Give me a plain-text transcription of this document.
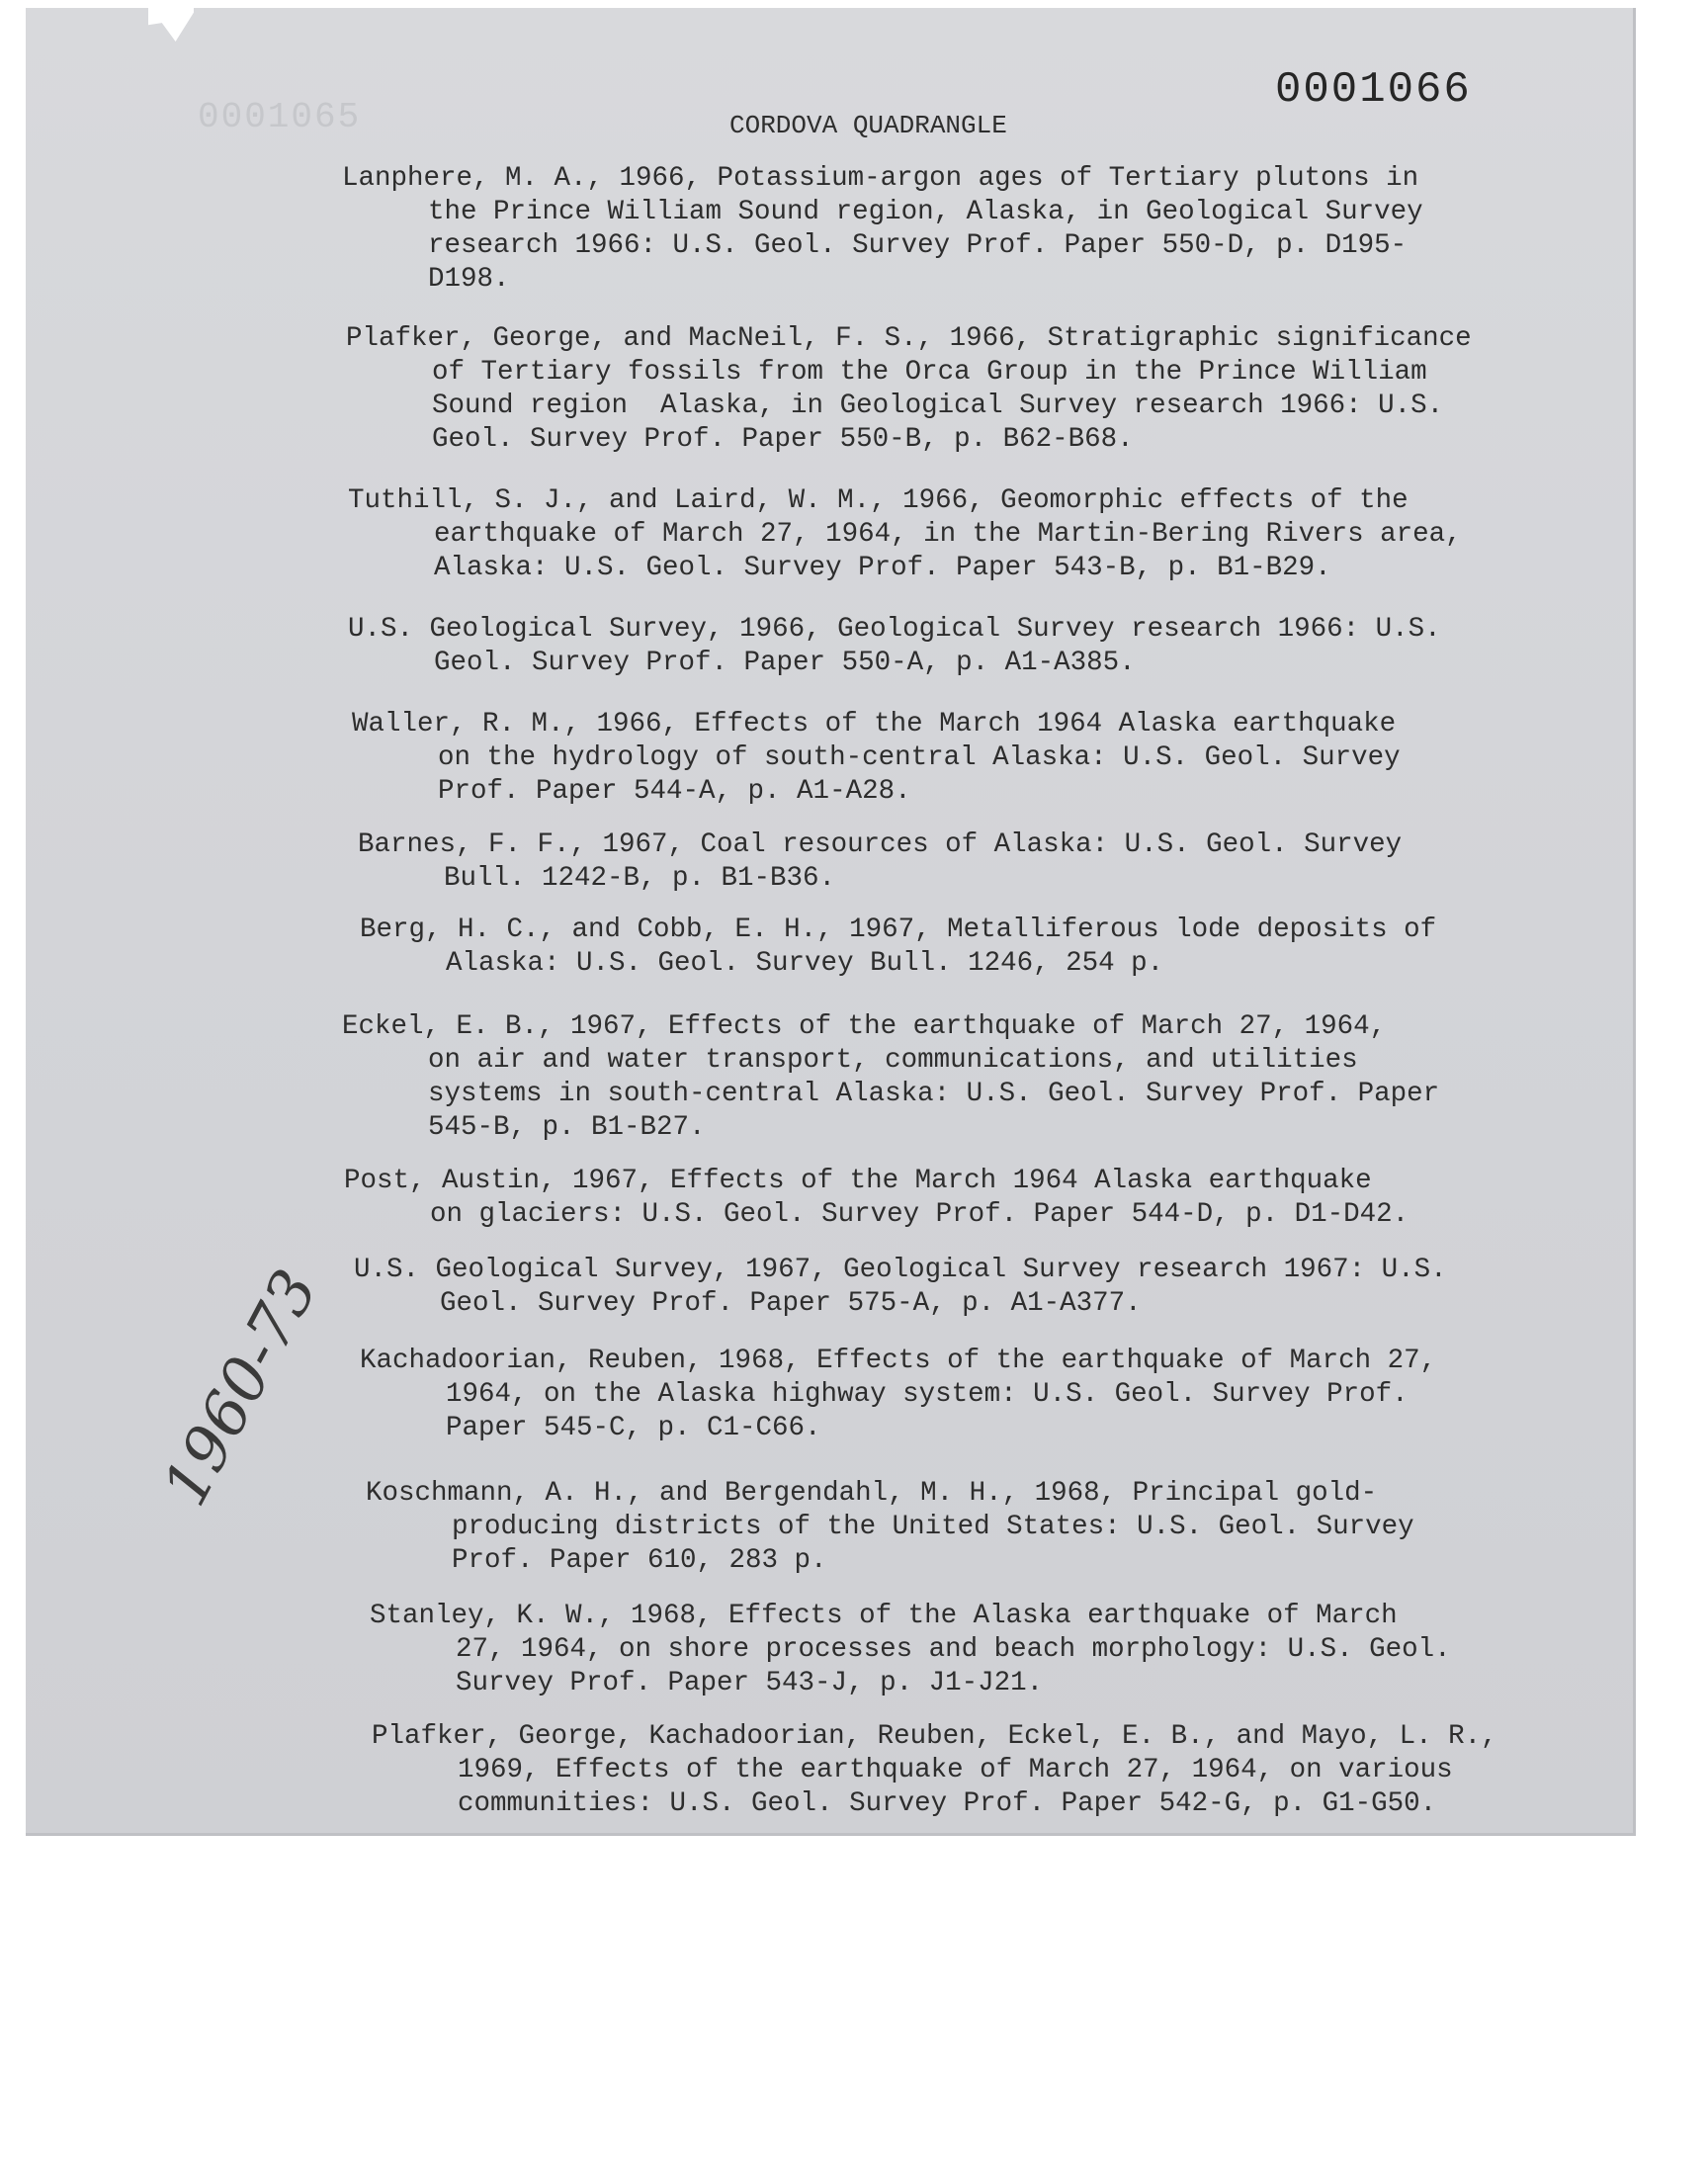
0001065
0001066
CORDOVA QUADRANGLE
1960-73
Lanphere, M. A., 1966, Potassium-argon ages of Tertiary plutons in
the Prince William Sound region, Alaska, in Geological Survey
research 1966: U.S. Geol. Survey Prof. Paper 550-D, p. D195-
D198.
Plafker, George, and MacNeil, F. S., 1966, Stratigraphic significance
of Tertiary fossils from the Orca Group in the Prince William
Sound region  Alaska, in Geological Survey research 1966: U.S.
Geol. Survey Prof. Paper 550-B, p. B62-B68.
Tuthill, S. J., and Laird, W. M., 1966, Geomorphic effects of the
earthquake of March 27, 1964, in the Martin-Bering Rivers area,
Alaska: U.S. Geol. Survey Prof. Paper 543-B, p. B1-B29.
U.S. Geological Survey, 1966, Geological Survey research 1966: U.S.
Geol. Survey Prof. Paper 550-A, p. A1-A385.
Waller, R. M., 1966, Effects of the March 1964 Alaska earthquake
on the hydrology of south-central Alaska: U.S. Geol. Survey
Prof. Paper 544-A, p. A1-A28.
Barnes, F. F., 1967, Coal resources of Alaska: U.S. Geol. Survey
Bull. 1242-B, p. B1-B36.
Berg, H. C., and Cobb, E. H., 1967, Metalliferous lode deposits of
Alaska: U.S. Geol. Survey Bull. 1246, 254 p.
Eckel, E. B., 1967, Effects of the earthquake of March 27, 1964,
on air and water transport, communications, and utilities
systems in south-central Alaska: U.S. Geol. Survey Prof. Paper
545-B, p. B1-B27.
Post, Austin, 1967, Effects of the March 1964 Alaska earthquake
on glaciers: U.S. Geol. Survey Prof. Paper 544-D, p. D1-D42.
U.S. Geological Survey, 1967, Geological Survey research 1967: U.S.
Geol. Survey Prof. Paper 575-A, p. A1-A377.
Kachadoorian, Reuben, 1968, Effects of the earthquake of March 27,
1964, on the Alaska highway system: U.S. Geol. Survey Prof.
Paper 545-C, p. C1-C66.
Koschmann, A. H., and Bergendahl, M. H., 1968, Principal gold-
producing districts of the United States: U.S. Geol. Survey
Prof. Paper 610, 283 p.
Stanley, K. W., 1968, Effects of the Alaska earthquake of March
27, 1964, on shore processes and beach morphology: U.S. Geol.
Survey Prof. Paper 543-J, p. J1-J21.
Plafker, George, Kachadoorian, Reuben, Eckel, E. B., and Mayo, L. R.,
1969, Effects of the earthquake of March 27, 1964, on various
communities: U.S. Geol. Survey Prof. Paper 542-G, p. G1-G50.
